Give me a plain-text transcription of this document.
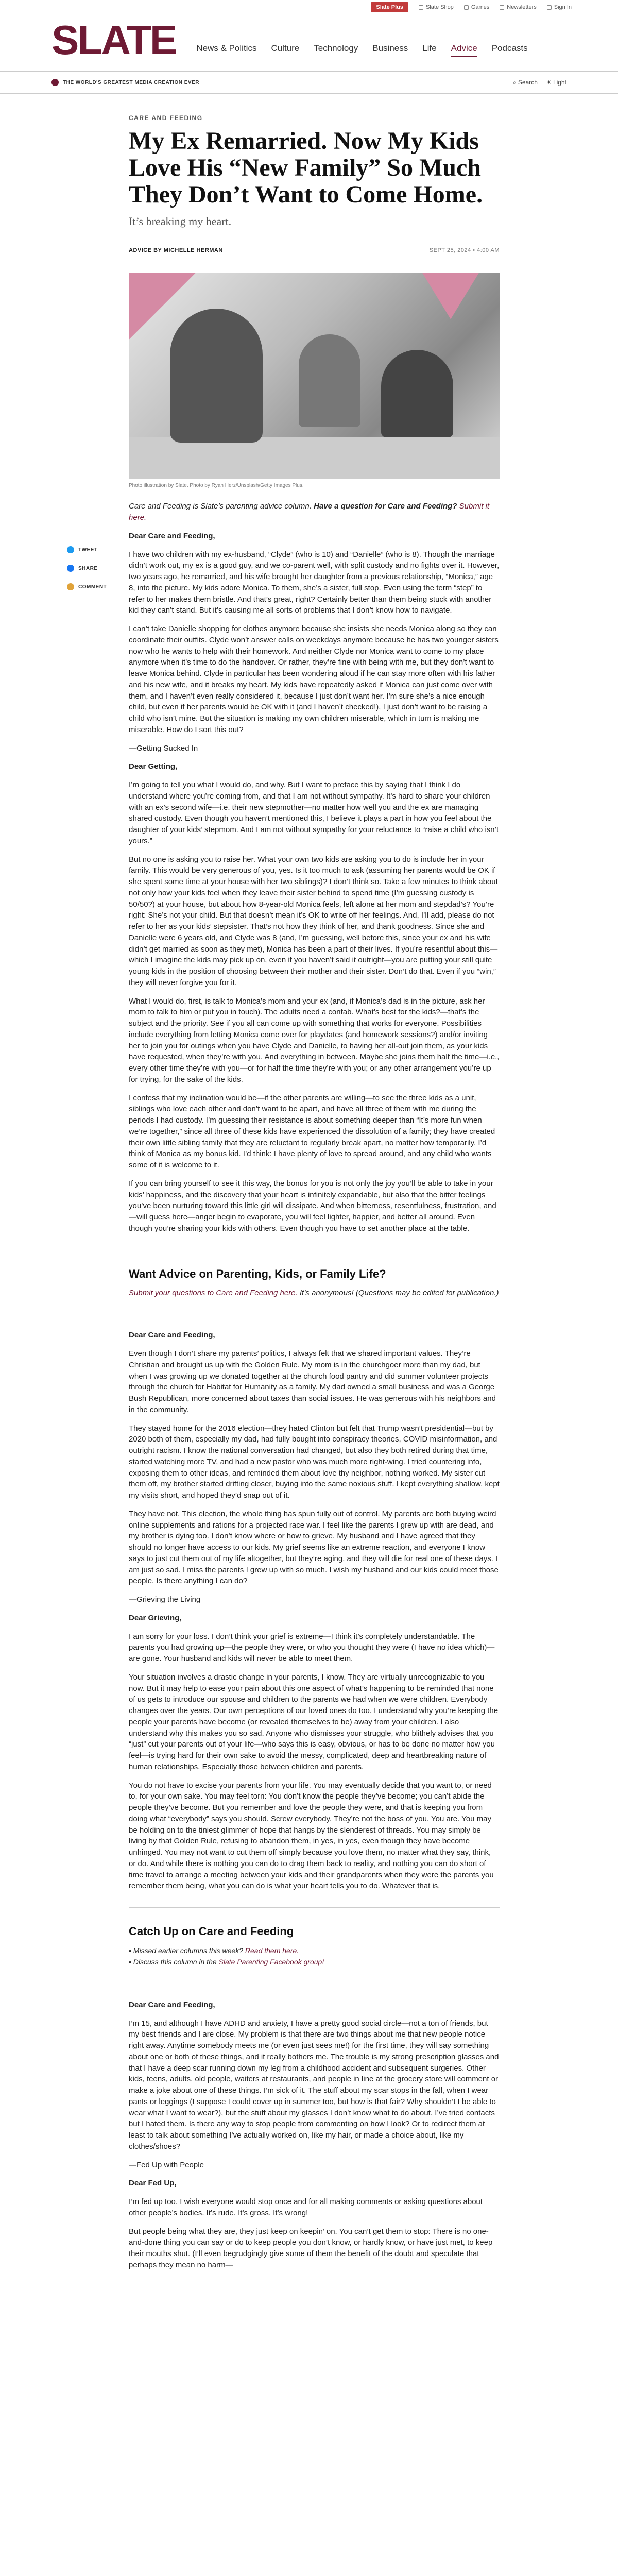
Slate Plus	Slate Shop	Games	Newsletters	Sign In
SLATE News & Politics Culture Technology Business Life Advice Podcasts
THE WORLD'S GREATEST MEDIA CREATION EVER	⌕ Search ☀ Light
TWEET
SHARE
COMMENT
CARE AND FEEDING
My Ex Remarried. Now My Kids Love His “New Family” So Much They Don’t Want to Come Home.
It’s breaking my heart.
ADVICE BY MICHELLE HERMAN	SEPT 25, 2024 • 4:00 AM
Photo illustration by Slate. Photo by Ryan Herz/Unsplash/Getty Images Plus.

Care and Feeding is Slate’s parenting advice column. Have a question for Care and Feeding? Submit it here.

Dear Care and Feeding,

I have two children with my ex-husband, “Clyde” (who is 10) and “Danielle” (who is 8). Though the marriage didn’t work out, my ex is a good guy, and we co-parent well, with split custody and no fights over it. However, two years ago, he remarried, and his wife brought her daughter from a previous relationship, “Monica,” age 8, into the picture. My kids adore Monica. To them, she’s a sister, full stop. Even using the term “step” to refer to her makes them bristle. And that’s great, right? Certainly better than them being stuck with another kid they can’t stand. But it’s causing me all sorts of problems that I don’t know how to navigate.

I can’t take Danielle shopping for clothes anymore because she insists she needs Monica along so they can coordinate their outfits. Clyde won’t answer calls on weekdays anymore because he has two younger sisters now who he wants to help with their homework. And neither Clyde nor Monica want to come to my place anymore when it’s time to do the handover. Or rather, they’re fine with being with me, but they don’t want to leave Monica behind. Clyde in particular has been wondering aloud if he can stay more often with his father and his new wife, and it breaks my heart. My kids have repeatedly asked if Monica can just come over with them, and I haven’t even really considered it, because I just don’t want her. I’m sure she’s a nice enough child, but even if her parents would be OK with it (and I haven’t checked!), I just don’t want to be raising a child who isn’t mine. But the situation is making my own children miserable, which in turn is making me miserable. How do I sort this out?

—Getting Sucked In

Dear Getting,

I’m going to tell you what I would do, and why. But I want to preface this by saying that I think I do understand where you’re coming from, and that I am not without sympathy. It’s hard to share your children with an ex’s second wife—i.e. their new stepmother—no matter how well you and the ex are managing shared custody. Even though you haven’t mentioned this, I believe it plays a part in how you feel about the daughter of your kids’ stepmom. And I am not without sympathy for your reluctance to “raise a child who isn’t yours.”

But no one is asking you to raise her. What your own two kids are asking you to do is include her in your family. This would be very generous of you, yes. Is it too much to ask (assuming her parents would be OK if she spent some time at your house with her two siblings)? I don’t think so. Take a few minutes to think about not only how your kids feel when they leave their sister behind to spend time (I’m guessing custody is 50/50?) at your house, but about how 8-year-old Monica feels, left alone at her mom and stepdad’s? You’re right: She’s not your child. But that doesn’t mean it’s OK to write off her feelings. And, I’ll add, please do not refer to her as your kids’ stepsister. That’s not how they think of her, and thank goodness. Since she and Danielle were 6 years old, and Clyde was 8 (and, I’m guessing, well before this, since your ex and his wife didn’t get married as soon as they met), Monica has been a part of their lives. If you’re resentful about this—which I imagine the kids may pick up on, even if you haven’t said it outright—you are putting your still quite young kids in the position of choosing between their mother and their sister. Don’t do that. Even if you “win,” they will never forgive you for it.

What I would do, first, is talk to Monica’s mom and your ex (and, if Monica’s dad is in the picture, ask her mom to talk to him or put you in touch). The adults need a confab. What’s best for the kids?—that’s the subject and the priority. See if you all can come up with something that works for everyone. Possibilities include everything from letting Monica come over for playdates (and homework sessions?) and/or inviting her to join you for outings when you have Clyde and Danielle, to having her all-out join them, as your kids have requested, when they’re with you. And everything in between. Maybe she joins them half the time—i.e., every other time they’re with you—or for half the time they’re with you; or any other arrangement you’re up for trying, for the sake of the kids.

I confess that my inclination would be—if the other parents are willing—to see the three kids as a unit, siblings who love each other and don’t want to be apart, and have all three of them with me during the periods I had custody. I’m guessing their resistance is about something deeper than “It’s more fun when we’re together,” since all three of these kids have experienced the dissolution of a family; they have created their own little sibling family that they are reluctant to regularly break apart, no matter how temporarily. I’d think of Monica as my bonus kid. I’d think: I have plenty of love to spread around, and any child who wants some of it is welcome to it.

If you can bring yourself to see it this way, the bonus for you is not only the joy you’ll be able to take in your kids’ happiness, and the discovery that your heart is infinitely expandable, but also that the bitter feelings you’ve been nurturing toward this little girl will dissipate. And when bitterness, resentfulness, frustration, and—will guess here—anger begin to evaporate, you will feel lighter, happier, and better all around. Even though you’re sharing your kids with others. Even though you have to set another place at the table.

Want Advice on Parenting, Kids, or Family Life?

Submit your questions to Care and Feeding here. It’s anonymous! (Questions may be edited for publication.)

Dear Care and Feeding,

Even though I don’t share my parents’ politics, I always felt that we shared important values. They’re Christian and brought us up with the Golden Rule. My mom is in the churchgoer more than my dad, but when I was growing up we donated together at the church food pantry and did summer volunteer projects through the church for Habitat for Humanity as a family. My dad owned a small business and was a George Bush Republican, more concerned about taxes than social issues. He was generous with his neighbors and in the community.

They stayed home for the 2016 election—they hated Clinton but felt that Trump wasn’t presidential—but by 2020 both of them, especially my dad, had fully bought into conspiracy theories, COVID misinformation, and outright racism. I know the national conversation had changed, but also they both retired during that time, started watching more TV, and had a new pastor who was much more right-wing. I tried countering info, exposing them to other ideas, and reminded them about love thy neighbor, nothing worked. My sister cut them off, my brother started drifting closer, buying into the same noxious stuff. I kept everything shallow, kept my visits short, and hoped they’d snap out of it.

They have not. This election, the whole thing has spun fully out of control. My parents are both buying weird online supplements and rations for a projected race war. I feel like the parents I grew up with are dead, and my brother is dying too. I don’t know where or how to grieve. My husband and I have agreed that they should no longer have access to our kids. My grief seems like an extreme reaction, and everyone I know says to just cut them out of my life altogether, but they’re aging, and they will die for real one of these days. I am just so sad. I miss the parents I grew up with so much. I wish my husband and our kids could meet those people. Is there anything I can do?

—Grieving the Living

Dear Grieving,

I am sorry for your loss. I don’t think your grief is extreme—I think it’s completely understandable. The parents you had growing up—the people they were, or who you thought they were (I have no idea which)—are gone. Your husband and kids will never be able to meet them.

Your situation involves a drastic change in your parents, I know. They are virtually unrecognizable to you now. But it may help to ease your pain about this one aspect of what’s happening to be reminded that none of us gets to introduce our spouse and children to the parents we had when we were children. Everybody changes over the years. Our own perceptions of our loved ones do too. I understand why you’re keeping the people your parents have become (or revealed themselves to be) away from your children. I also understand why this makes you so sad. Anyone who dismisses your struggle, who blithely advises that you “just” cut your parents out of your life—who says this is easy, obvious, or has to be done no matter how you feel—is trying hard for their own sake to avoid the messy, complicated, deep and heartbreaking nature of human relationships. Especially those between children and parents.

You do not have to excise your parents from your life. You may eventually decide that you want to, or need to, for your own sake. You may feel torn: You don’t know the people they’ve become; you can’t abide the people they’ve become. But you remember and love the people they were, and that is keeping you from doing what “everybody” says you should. Screw everybody. They’re not the boss of you. You are. You may be holding on to the tiniest glimmer of hope that hangs by the slenderest of threads. You may simply be living by that Golden Rule, refusing to abandon them, in yes, in yes, even though they have become unhinged. You may not want to cut them off simply because you love them, no matter what they say, think, or do. And while there is nothing you can do to drag them back to reality, and nothing you can do short of time travel to arrange a meeting between your kids and their grandparents when they were the parents you remember them being, what you can do is what your heart tells you to do. Whatever that is.

Catch Up on Care and Feeding
• Missed earlier columns this week? Read them here.
• Discuss this column in the Slate Parenting Facebook group!
Dear Care and Feeding,

I’m 15, and although I have ADHD and anxiety, I have a pretty good social circle—not a ton of friends, but my best friends and I are close. My problem is that there are two things about me that new people notice right away. Anytime somebody meets me (or even just sees me!) for the first time, they will say something about one or both of these things, and it really bothers me. The trouble is my strong prescription glasses and that I have a deep scar running down my leg from a childhood accident and subsequent surgeries. Other kids, teens, adults, old people, waiters at restaurants, and people in line at the grocery store will comment or make a joke about one of these things. I’m sick of it. The stuff about my scar stops in the fall, when I wear pants or leggings (I suppose I could cover up in summer too, but how is that fair? Why shouldn’t I be able to wear what I want to wear?), but the stuff about my glasses I don’t know what to do about. I’ve tried contacts but I hated them. Is there any way to stop people from commenting on how I look? Or to redirect them at least to talk about something I’ve actually worked on, like my hair, or made a choice about, like my clothes/shoes?

—Fed Up with People

Dear Fed Up,

I’m fed up too. I wish everyone would stop once and for all making comments or asking questions about other people’s bodies. It’s rude. It’s gross. It’s wrong!

But people being what they are, they just keep on keepin’ on. You can’t get them to stop: There is no one-and-done thing you can say or do to keep people you don’t know, or hardly know, or have just met, to keep their mouths shut. (I’ll even begrudgingly give some of them the benefit of the doubt and speculate that perhaps they mean no harm—
